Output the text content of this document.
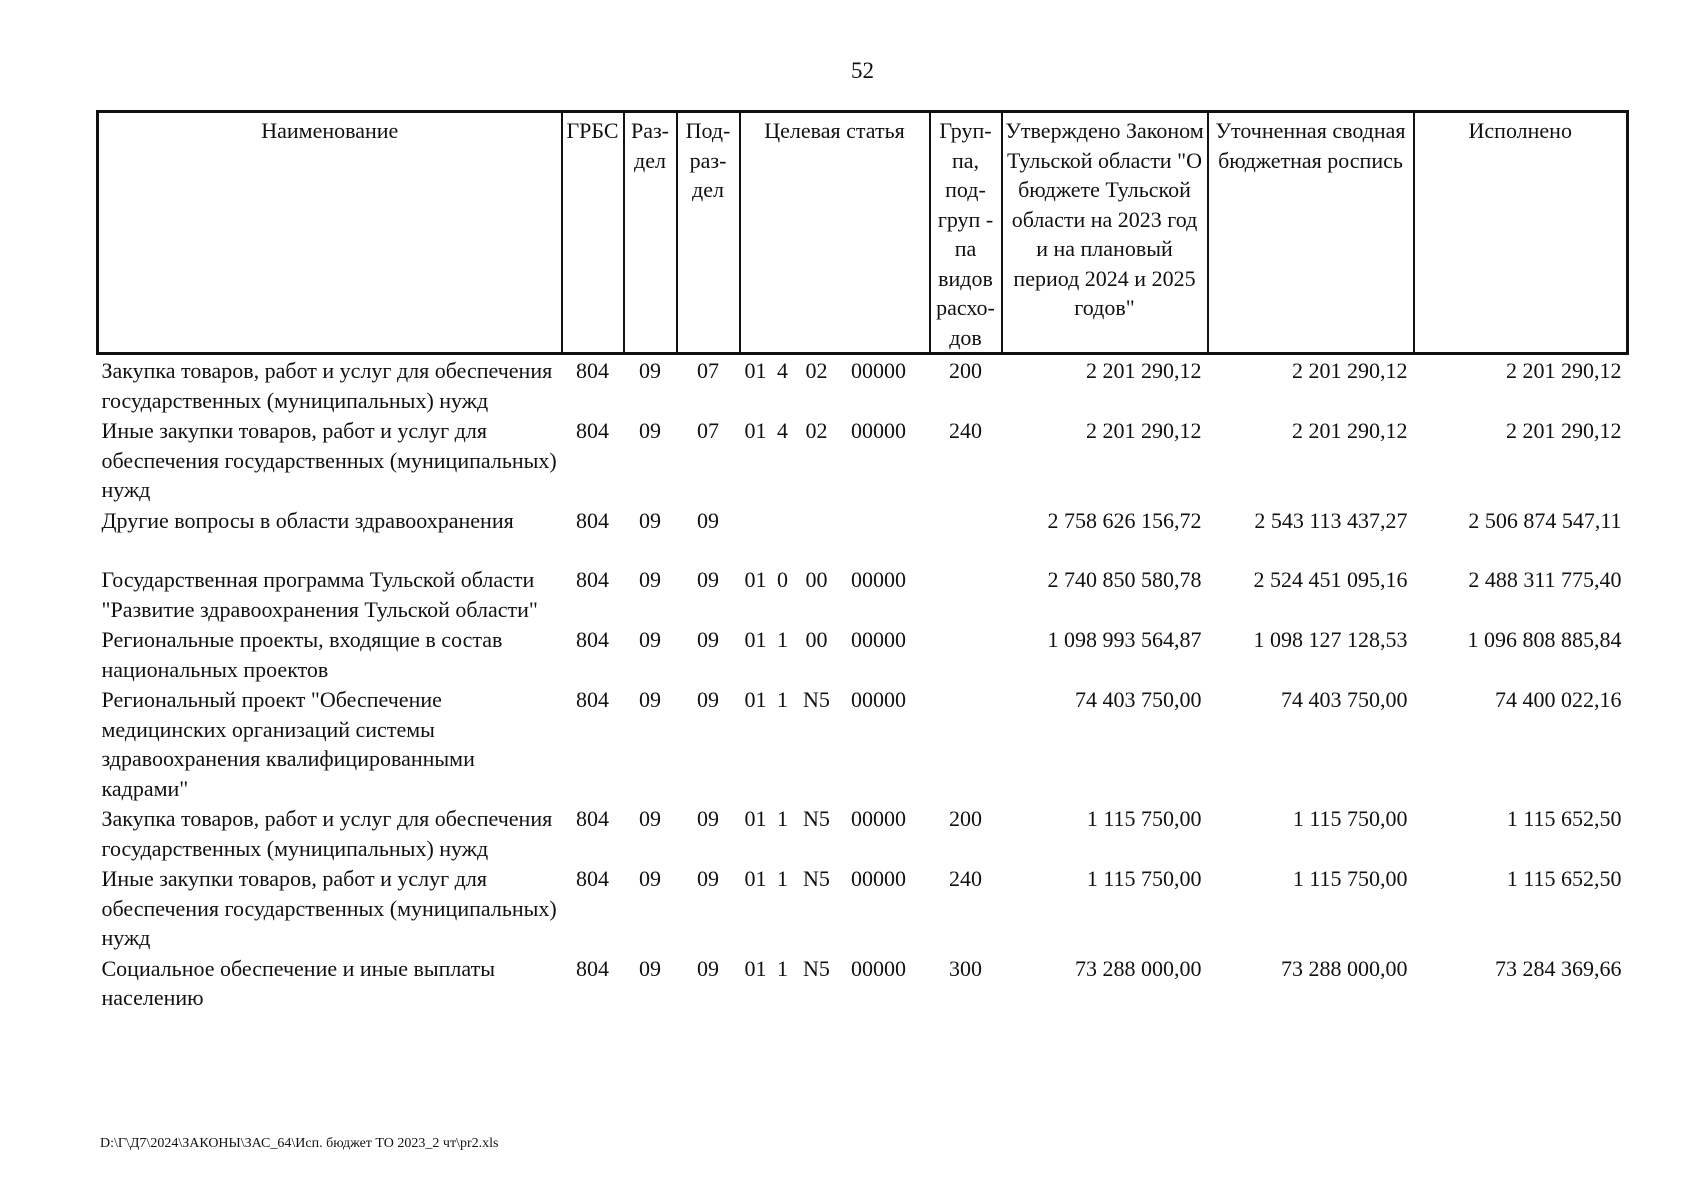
52
Наименование	ГРБС	Раз-дел	Под-раз-дел	Целевая статья	Груп-па, под-груп - па видов расхо-дов	Утверждено Законом Тульской области "О бюджете Тульской области на 2023 год и на плановый период 2024 и 2025 годов"	Уточненная сводная бюджетная роспись	Исполнено
Закупка товаров, работ и услуг для обеспечения государственных (муниципальных) нужд	804	09	07	01 4 02 00000	200	2 201 290,12	2 201 290,12	2 201 290,12
Иные закупки товаров, работ и услуг для обеспечения государственных (муниципальных) нужд	804	09	07	01 4 02 00000	240	2 201 290,12	2 201 290,12	2 201 290,12
Другие вопросы в области здравоохранения	804	09	09			2 758 626 156,72	2 543 113 437,27	2 506 874 547,11
Государственная программа Тульской области "Развитие здравоохранения Тульской области"	804	09	09	01 0 00 00000		2 740 850 580,78	2 524 451 095,16	2 488 311 775,40
Региональные проекты, входящие в состав национальных проектов	804	09	09	01 1 00 00000		1 098 993 564,87	1 098 127 128,53	1 096 808 885,84
Региональный проект "Обеспечение медицинских организаций системы здравоохранения квалифицированными кадрами"	804	09	09	01 1 N5 00000		74 403 750,00	74 403 750,00	74 400 022,16
Закупка товаров, работ и услуг для обеспечения государственных (муниципальных) нужд	804	09	09	01 1 N5 00000	200	1 115 750,00	1 115 750,00	1 115 652,50
Иные закупки товаров, работ и услуг для обеспечения государственных (муниципальных) нужд	804	09	09	01 1 N5 00000	240	1 115 750,00	1 115 750,00	1 115 652,50
Социальное обеспечение и иные выплаты населению	804	09	09	01 1 N5 00000	300	73 288 000,00	73 288 000,00	73 284 369,66
D:\Г\Д7\2024\ЗАКОНЫ\ЗАС_64\Исп. бюджет ТО 2023_2 чт\pr2.xls
